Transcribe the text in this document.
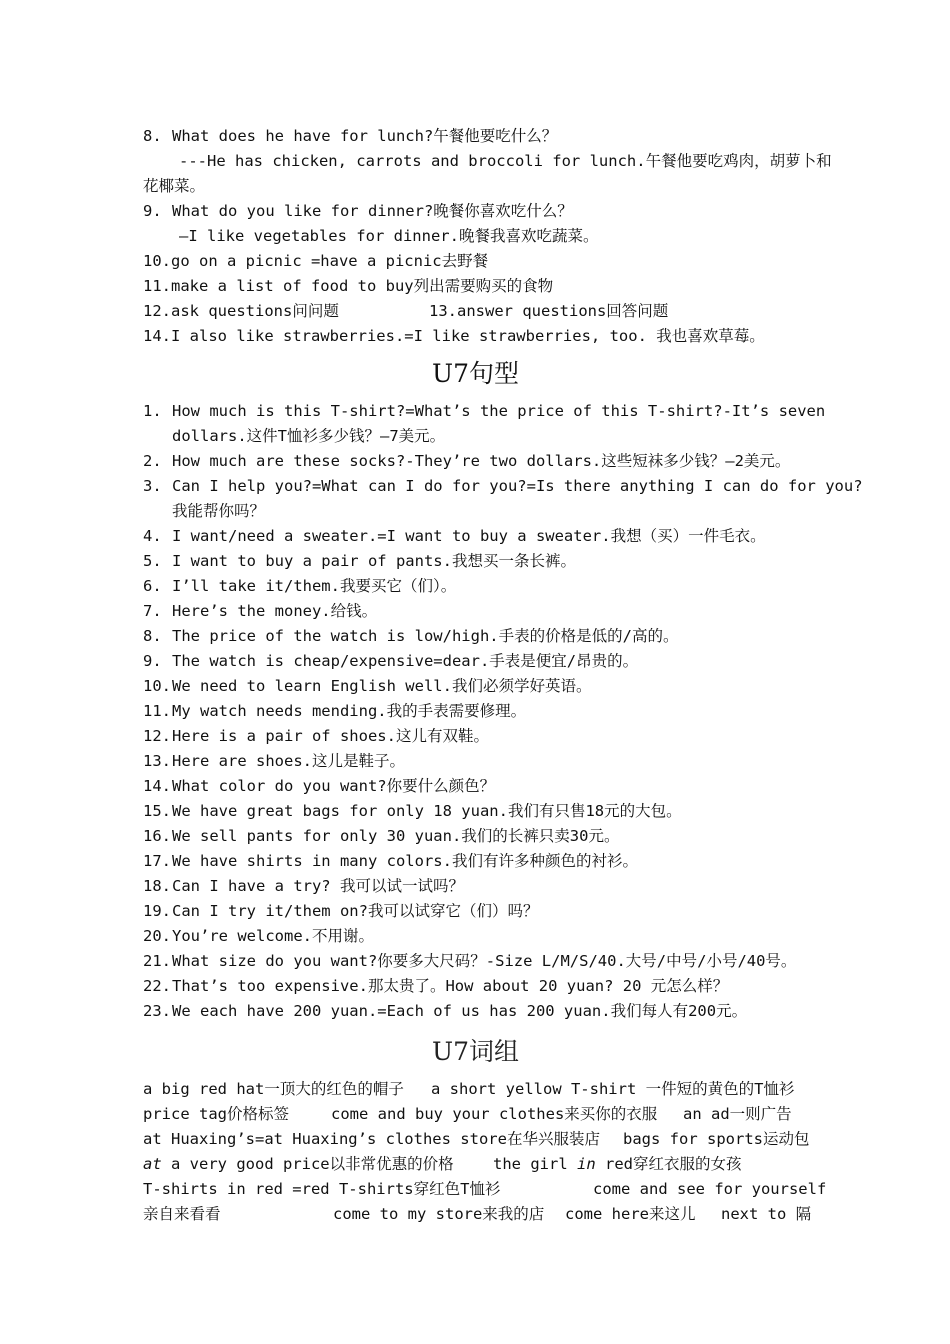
8. What does he have for lunch?午餐他要吃什么？
---He has chicken, carrots and broccoli for lunch.午餐他要吃鸡肉，胡萝卜和
花椰菜。
9. What do you like for dinner?晚餐你喜欢吃什么？
—I like vegetables for dinner.晚餐我喜欢吃蔬菜。
10.go on a picnic =have a picnic去野餐
11.make a list of food to buy列出需要购买的食物
12.ask questions问问题	13.answer questions回答问题
14.I also like strawberries.=I like strawberries, too. 我也喜欢草莓。
U7句型
1. How much is this T-shirt?=What’s the price of this T-shirt?-It’s seven
dollars.这件T恤衫多少钱？—7美元。
2. How much are these socks?-They’re two dollars.这些短袜多少钱？—2美元。
3. Can I help you?=What can I do for you?=Is there anything I can do for you?
我能帮你吗？
4. I want/need a sweater.=I want to buy a sweater.我想（买）一件毛衣。
5. I want to buy a pair of pants.我想买一条长裤。
6. I’ll take it/them.我要买它（们）。
7. Here’s the money.给钱。
8. The price of the watch is low/high.手表的价格是低的/高的。
9. The watch is cheap/expensive=dear.手表是便宜/昂贵的。
10.We need to learn English well.我们必须学好英语。
11.My watch needs mending.我的手表需要修理。
12.Here is a pair of shoes.这儿有双鞋。
13.Here are shoes.这儿是鞋子。
14.What color do you want?你要什么颜色？
15.We have great bags for only 18 yuan.我们有只售18元的大包。
16.We sell pants for only 30 yuan.我们的长裤只卖30元。
17.We have shirts in many colors.我们有许多种颜色的衬衫。
18.Can I have a try? 我可以试一试吗？
19.Can I try it/them on?我可以试穿它（们）吗？
20.You’re welcome.不用谢。
21.What size do you want?你要多大尺码？-Size L/M/S/40.大号/中号/小号/40号。
22.That’s too expensive.那太贵了。How about 20 yuan? 20 元怎么样？
23.We each have 200 yuan.=Each of us has 200 yuan.我们每人有200元。
U7词组
a big red hat一顶大的红色的帽子 a short yellow T-shirt 一件短的黄色的T恤衫
price tag价格标签	come and buy your clothes来买你的衣服 an ad一则广告
at Huaxing’s=at Huaxing’s clothes store在华兴服装店 bags for sports运动包
at a very good price以非常优惠的价格	the girl in red穿红衣服的女孩
T-shirts in red =red T-shirts穿红色T恤衫	come and see for yourself
亲自来看看	come to my store来我的店 come here来这儿 next to 隔
